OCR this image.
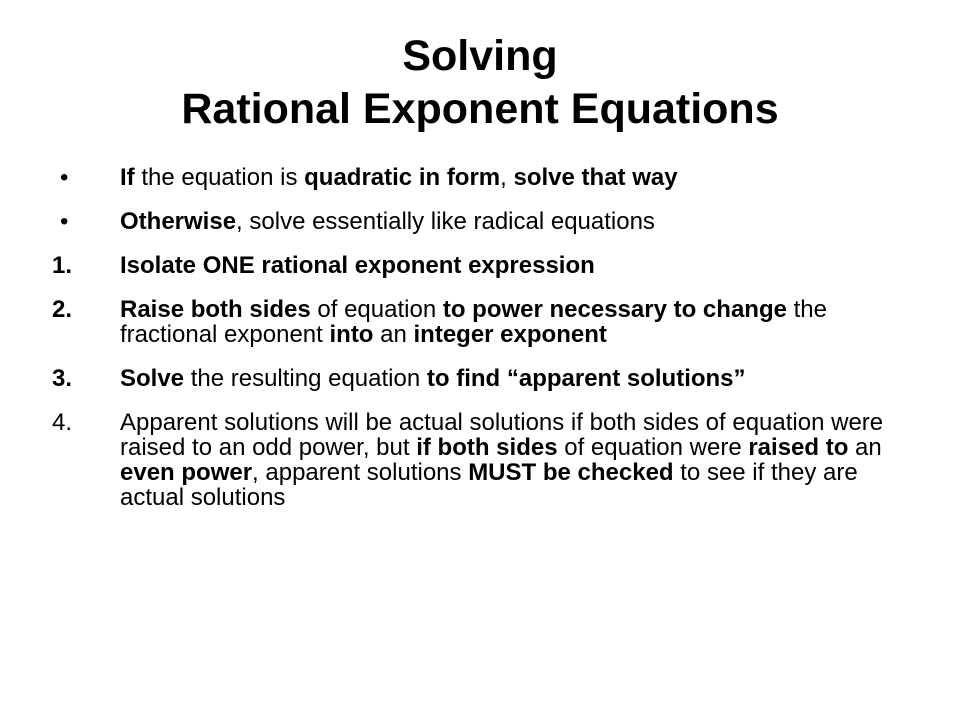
Solving
Rational Exponent Equations
• If the equation is quadratic in form, solve that way
• Otherwise, solve essentially like radical equations
1. Isolate ONE rational exponent expression
2. Raise both sides of equation to power necessary to change the fractional exponent into an integer exponent
3. Solve the resulting equation to find “apparent solutions”
4. Apparent solutions will be actual solutions if both sides of equation were raised to an odd power, but if both sides of equation were raised to an even power, apparent solutions MUST be checked to see if they are actual solutions
